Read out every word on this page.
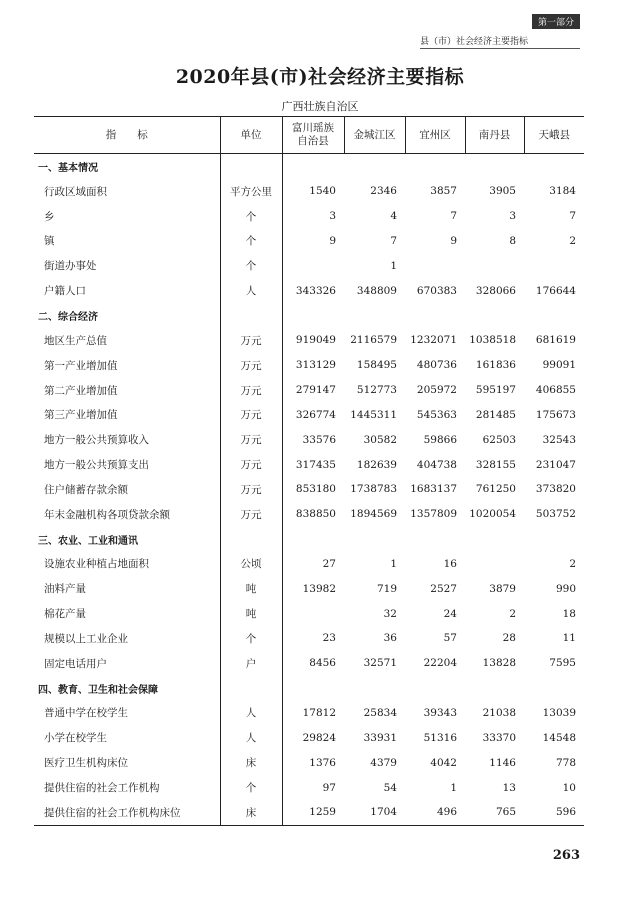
第一部分
县（市）社会经济主要指标
2020年县(市)社会经济主要指标
广西壮族自治区
指　　标	单位	富川瑶族
自治县	金城江区	宜州区	南丹县	天峨县
一、基本情况						
行政区域面积	平方公里	1540	2346	3857	3905	3184
乡	个	3	4	7	3	7
镇	个	9	7	9	8	2
街道办事处	个		1			
户籍人口	人	343326	348809	670383	328066	176644
二、综合经济						
地区生产总值	万元	919049	2116579	1232071	1038518	681619
第一产业增加值	万元	313129	158495	480736	161836	99091
第二产业增加值	万元	279147	512773	205972	595197	406855
第三产业增加值	万元	326774	1445311	545363	281485	175673
地方一般公共预算收入	万元	33576	30582	59866	62503	32543
地方一般公共预算支出	万元	317435	182639	404738	328155	231047
住户储蓄存款余额	万元	853180	1738783	1683137	761250	373820
年末金融机构各项贷款余额	万元	838850	1894569	1357809	1020054	503752
三、农业、工业和通讯						
设施农业种植占地面积	公顷	27	1	16		2
油料产量	吨	13982	719	2527	3879	990
棉花产量	吨		32	24	2	18
规模以上工业企业	个	23	36	57	28	11
固定电话用户	户	8456	32571	22204	13828	7595
四、教育、卫生和社会保障						
普通中学在校学生	人	17812	25834	39343	21038	13039
小学在校学生	人	29824	33931	51316	33370	14548
医疗卫生机构床位	床	1376	4379	4042	1146	778
提供住宿的社会工作机构	个	97	54	1	13	10
提供住宿的社会工作机构床位	床	1259	1704	496	765	596
263
